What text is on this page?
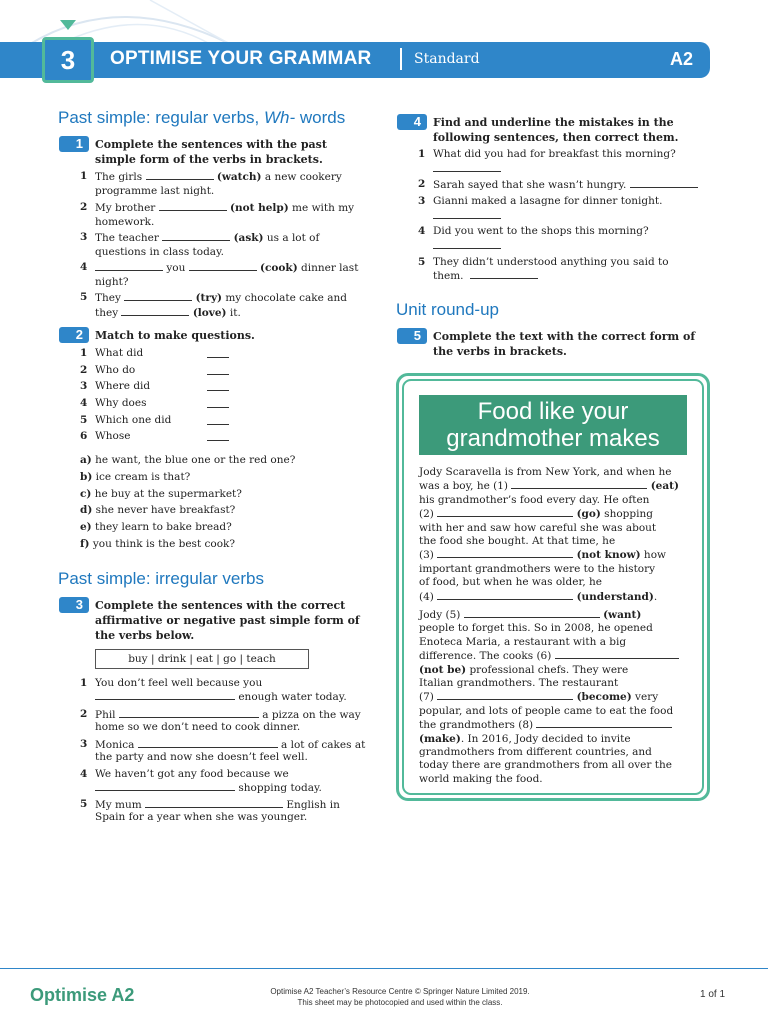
3	OPTIMISE YOUR GRAMMAR	Standard	A2
Past simple: regular verbs, Wh- words
1	Complete the sentences with the past simple form of the verbs in brackets.
1 The girls	(watch) a new cookery programme last night.
2 My brother	(not help) me with my homework.
3 The teacher	(ask) us a lot of questions in class today.
4	you	(cook) dinner last night?
5 They	(try) my chocolate cake and they	(love) it.
2	Match to make questions.
1 What did
2 Who do
3 Where did
4 Why does
5 Which one did
6 Whose
a) he want, the blue one or the red one?
b) ice cream is that?
c) he buy at the supermarket?
d) she never have breakfast?
e) they learn to bake bread?
f) you think is the best cook?
Past simple: irregular verbs
3	Complete the sentences with the correct affirmative or negative past simple form of the verbs below.
buy | drink | eat | go | teach
1 You don’t feel well because you
enough water today.
2 Phil	a pizza on the way
home so we don’t need to cook dinner.
3 Monica	a lot of cakes at
the party and now she doesn’t feel well.
4 We haven’t got any food because we
shopping today.
5 My mum	English in
Spain for a year when she was younger.
4	Find and underline the mistakes in the following sentences, then correct them.
1 What did you had for breakfast this morning?
2 Sarah sayed that she wasn’t hungry.
3 Gianni maked a lasagne for dinner tonight.
4 Did you went to the shops this morning?
5 They didn’t understood anything you said to them.
Unit round-up
5	Complete the text with the correct form of the verbs in brackets.
Food like your
grandmother makes
Jody Scaravella is from New York, and when he
was a boy, he (1)	(eat)
his grandmother’s food every day. He often
(2)	(go) shopping
with her and saw how careful she was about
the food she bought. At that time, he
(3)	(not know) how
important grandmothers were to the history
of food, but when he was older, he
(4)	(understand).
Jody (5)	(want)
people to forget this. So in 2008, he opened
Enoteca Maria, a restaurant with a big
difference. The cooks (6)
(not be) professional chefs. They were
Italian grandmothers. The restaurant
(7)	(become) very
popular, and lots of people came to eat the food
the grandmothers (8)
(make). In 2016, Jody decided to invite
grandmothers from different countries, and
today there are grandmothers from all over the
world making the food.
Optimise A2	Optimise A2 Teacher’s Resource Centre © Springer Nature Limited 2019.
This sheet may be photocopied and used within the class.
1 of 1
